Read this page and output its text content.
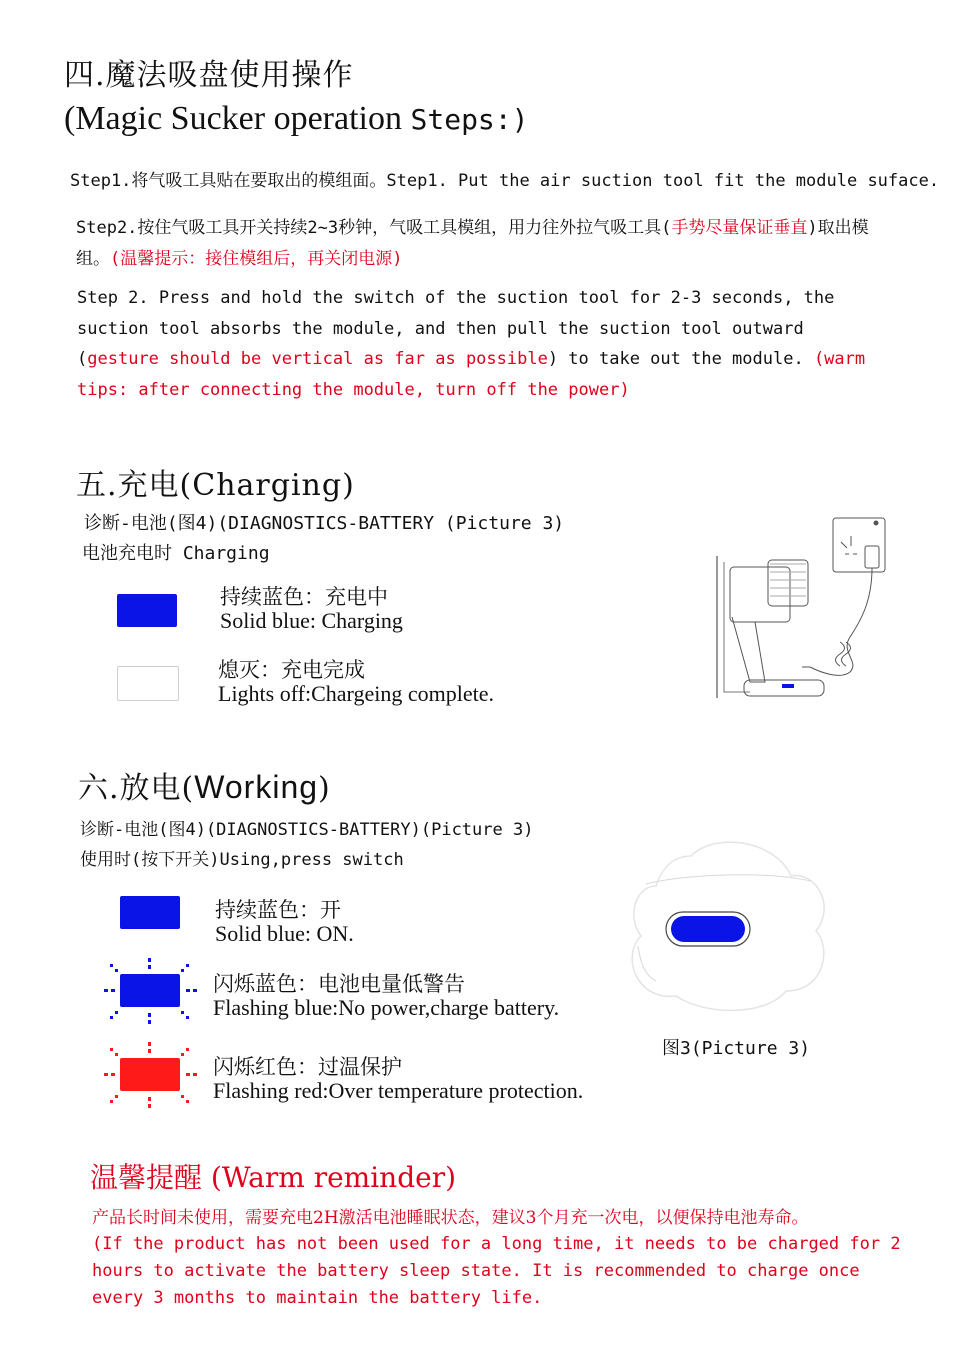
四.魔法吸盘使用操作
(Magic Sucker operation Steps:)
Step1.将气吸工具贴在要取出的模组面。Step1. Put the air suction tool fit the module suface.
Step2.按住气吸工具开关持续2~3秒钟，气吸工具模组，用力往外拉气吸工具(手势尽量保证垂直)取出模组。(温馨提示：接住模组后，再关闭电源)
Step 2. Press and hold the switch of the suction tool for 2-3 seconds, the suction tool absorbs the module, and then pull the suction tool outward (gesture should be vertical as far as possible) to take out the module. (warm tips: after connecting the module, turn off the power)
五.充电(Charging)
诊断-电池(图4)(DIAGNOSTICS-BATTERY (Picture 3)
电池充电时 Charging
持续蓝色：充电中
Solid blue: Charging
熄灭：充电完成
Lights off:Chargeing complete.
六.放电(Working)
诊断-电池(图4)(DIAGNOSTICS-BATTERY)(Picture 3)
使用时(按下开关)Using,press switch
持续蓝色：开
Solid blue: ON.
闪烁蓝色：电池电量低警告
Flashing blue:No power,charge battery.
闪烁红色：过温保护
Flashing red:Over temperature protection.
图3(Picture 3)
温馨提醒 (Warm reminder)
产品长时间未使用，需要充电2H激活电池睡眠状态，建议3个月充一次电，以便保持电池寿命。
(If the product has not been used for a long time, it needs to be charged for 2 hours to activate the battery sleep state. It is recommended to charge once every 3 months to maintain the battery life.
